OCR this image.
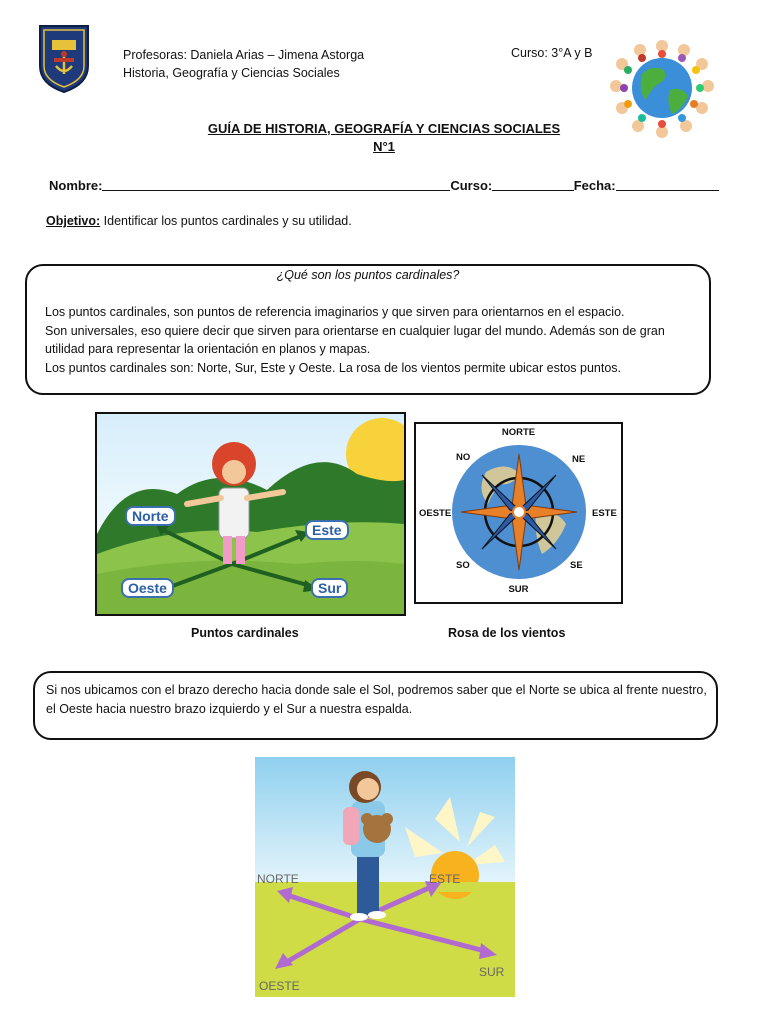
Profesoras: Daniela Arias – Jimena Astorga
Historia, Geografía y Ciencias Sociales
Curso: 3°A y B
GUÍA DE HISTORIA, GEOGRAFÍA Y CIENCIAS SOCIALES
N°1
Nombre:	Curso:	Fecha:
Objetivo: Identificar los puntos cardinales y su utilidad.
¿Qué son los puntos cardinales?

Los puntos cardinales, son puntos de referencia imaginarios y que sirven para orientarnos en el espacio.

Son universales, eso quiere decir que sirven para orientarse en cualquier lugar del mundo. Además son de gran utilidad para representar la orientación en planos y mapas.

Los puntos cardinales son: Norte, Sur, Este y Oeste. La rosa de los vientos permite ubicar estos puntos.

Norte
Este
Oeste	Sur
NORTE
NO	NE
OESTE	ESTE
SO	SE
SUR
Puntos cardinales	Rosa de los vientos
Si nos ubicamos con el brazo derecho hacia donde sale el Sol, podremos saber que el Norte se ubica al frente nuestro, el Oeste hacia nuestro brazo izquierdo y el Sur a nuestra espalda.
NORTE	ESTE
OESTE
SUR
